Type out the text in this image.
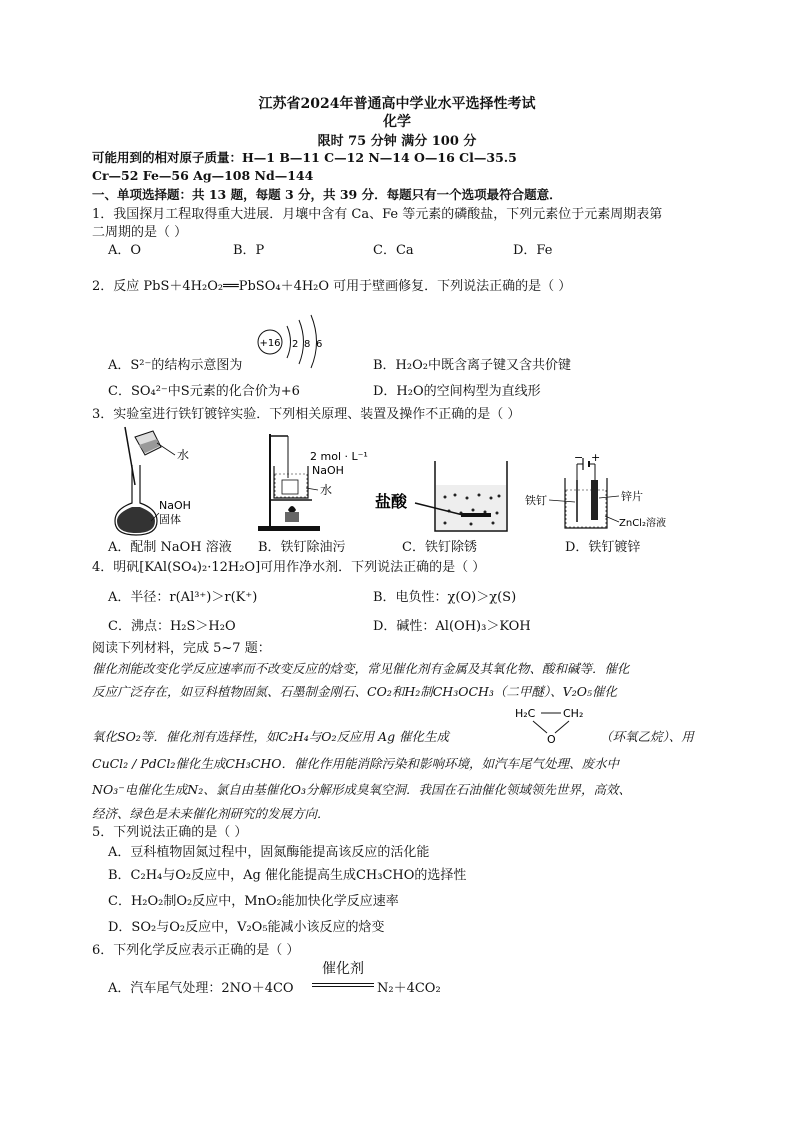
江苏省2024年普通高中学业水平选择性考试
化学
限时 75 分钟 满分 100 分
可能用到的相对原子质量：H—1 B—11 C—12 N—14 O—16 Cl—35.5
Cr—52 Fe—56 Ag—108 Nd—144
一、单项选择题：共 13 题，每题 3 分，共 39 分．每题只有一个选项最符合题意．
1．我国探月工程取得重大进展．月壤中含有 Ca、Fe 等元素的磷酸盐，下列元素位于元素周期表第
二周期的是（ ）
A．O	B．P	C．Ca	D．Fe
2．反应 PbS＋4H₂O₂══PbSO₄＋4H₂O 可用于壁画修复．下列说法正确的是（ ）
+16 2 8 6
A．S²⁻的结构示意图为	B．H₂O₂中既含离子键又含共价键
C．SO₄²⁻中S元素的化合价为+6	D．H₂O的空间构型为直线形
3．实验室进行铁钉镀锌实验．下列相关原理、装置及操作不正确的是（ ）
水
NaOH
固体
2 mol · L⁻¹
NaOH
水
盐酸
− +
铁钉	锌片
ZnCl₂溶液
A．配制 NaOH 溶液 B．铁钉除油污	C．铁钉除锈	D．铁钉镀锌
4．明矾[KAl(SO₄)₂·12H₂O]可用作净水剂．下列说法正确的是（ ）
A．半径：r(Al³⁺)＞r(K⁺)	B．电负性：χ(O)＞χ(S)
C．沸点：H₂S＞H₂O	D．碱性：Al(OH)₃＞KOH
阅读下列材料，完成 5~7 题：
催化剂能改变化学反应速率而不改变反应的焓变，常见催化剂有金属及其氧化物、酸和碱等．催化
反应广泛存在，如豆科植物固氮、石墨制金刚石、CO₂和H₂制CH₃OCH₃（二甲醚）、V₂O₅催化
氧化SO₂等．催化剂有选择性，如C₂H₄与O₂反应用 Ag 催化生成
H₂C	CH₂
O	（环氧乙烷）、用
CuCl₂ / PdCl₂催化生成CH₃CHO．催化作用能消除污染和影响环境，如汽车尾气处理、废水中
NO₃⁻电催化生成N₂、氯自由基催化O₃分解形成臭氧空洞．我国在石油催化领域领先世界，高效、
经济、绿色是未来催化剂研究的发展方向．
5．下列说法正确的是（ ）
A．豆科植物固氮过程中，固氮酶能提高该反应的活化能
B．C₂H₄与O₂反应中，Ag 催化能提高生成CH₃CHO的选择性
C．H₂O₂制O₂反应中，MnO₂能加快化学反应速率
D．SO₂与O₂反应中，V₂O₅能减小该反应的焓变
6．下列化学反应表示正确的是（ ）
A．汽车尾气处理：2NO＋4CO
催化剂
N₂＋4CO₂
